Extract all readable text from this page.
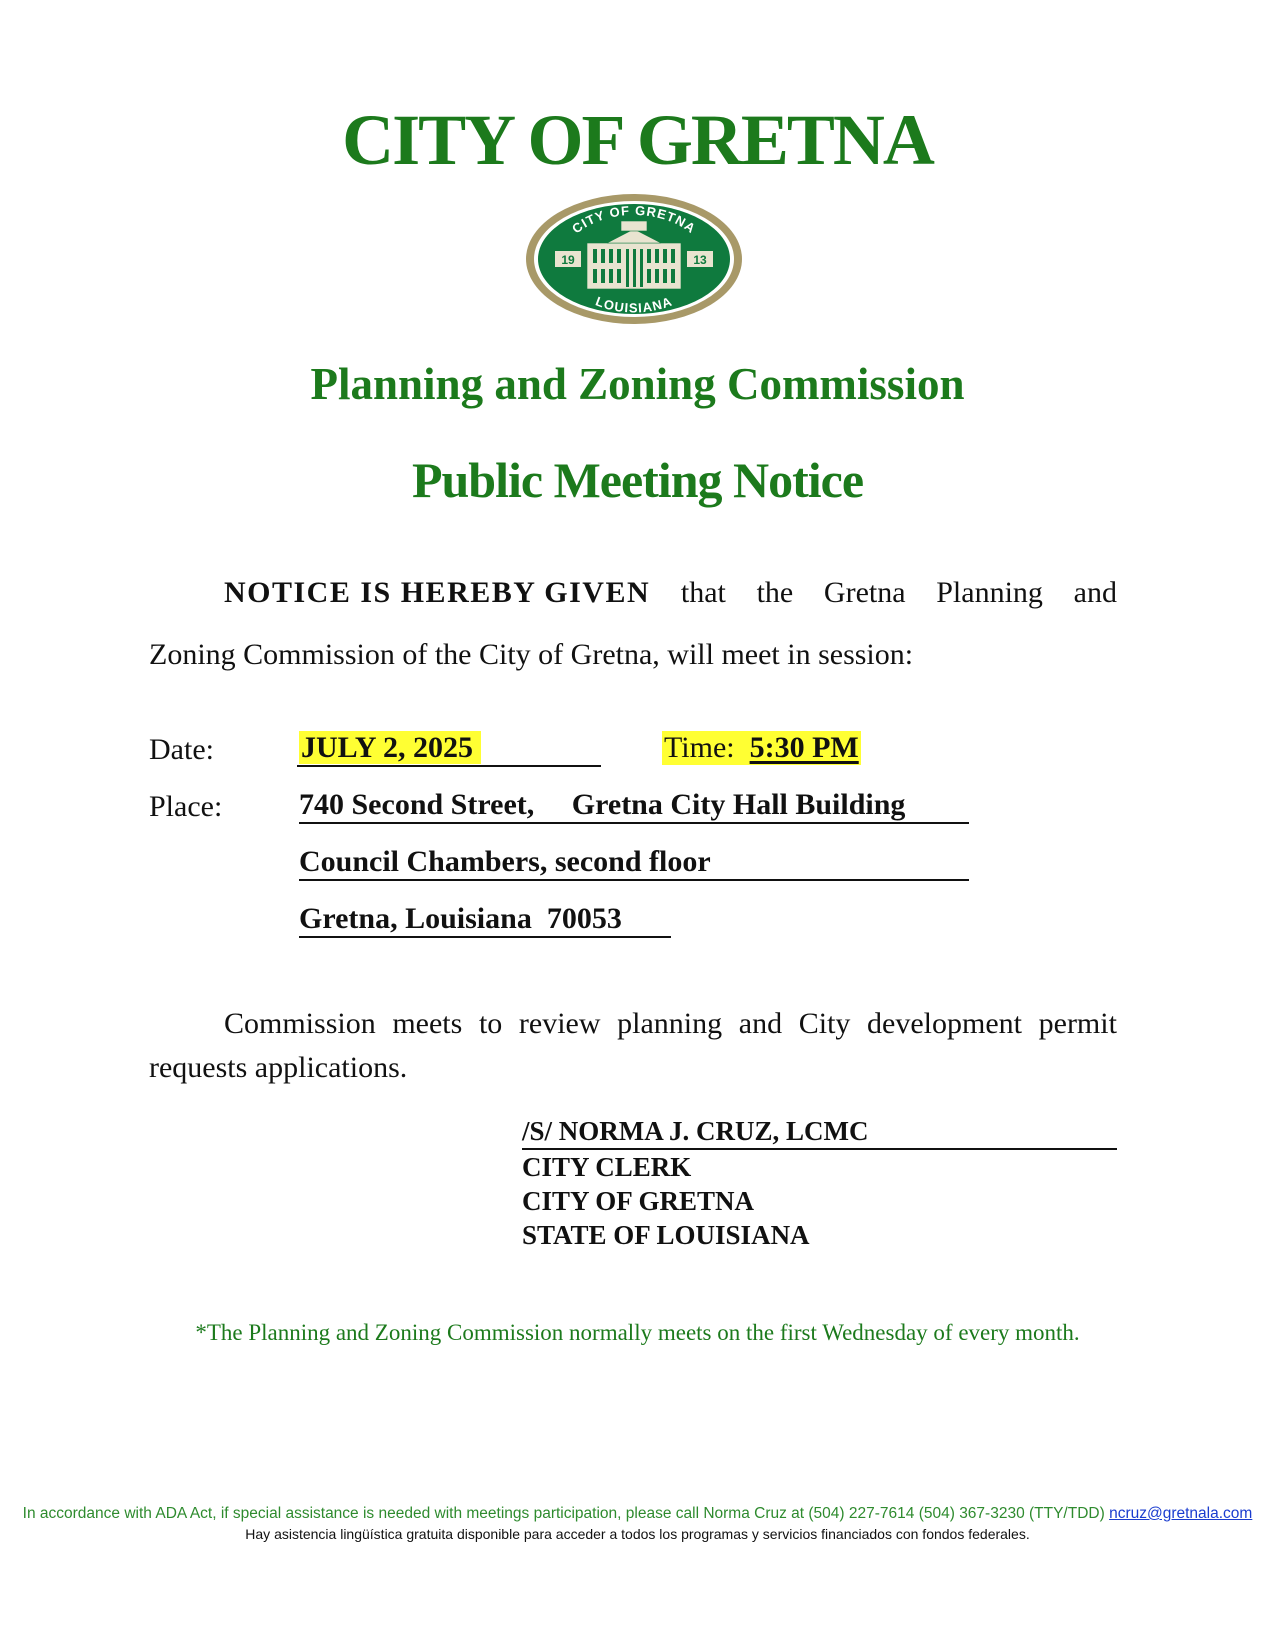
CITY OF GRETNA
CITY OF GRETNA
LOUISIANA
19	13
Planning and Zoning Commission
Public Meeting Notice
NOTICE IS HEREBY GIVEN that the Gretna Planning and
Zoning Commission of the City of Gretna, will meet in session:
Date:	JULY 2, 2025	Time: 5:30 PM
Place:	740 Second Street, Gretna City Hall Building
Council Chambers, second floor
Gretna, Louisiana  70053
Commission meets to review planning and City development permit
requests applications.
/S/ NORMA J. CRUZ, LCMC
CITY CLERK
CITY OF GRETNA
STATE OF LOUISIANA
*The Planning and Zoning Commission normally meets on the first Wednesday of every month.
In accordance with ADA Act, if special assistance is needed with meetings participation, please call Norma Cruz at (504) 227-7614 (504) 367-3230 (TTY/TDD) ncruz@gretnala.com
Hay asistencia lingüística gratuita disponible para acceder a todos los programas y servicios financiados con fondos federales.
